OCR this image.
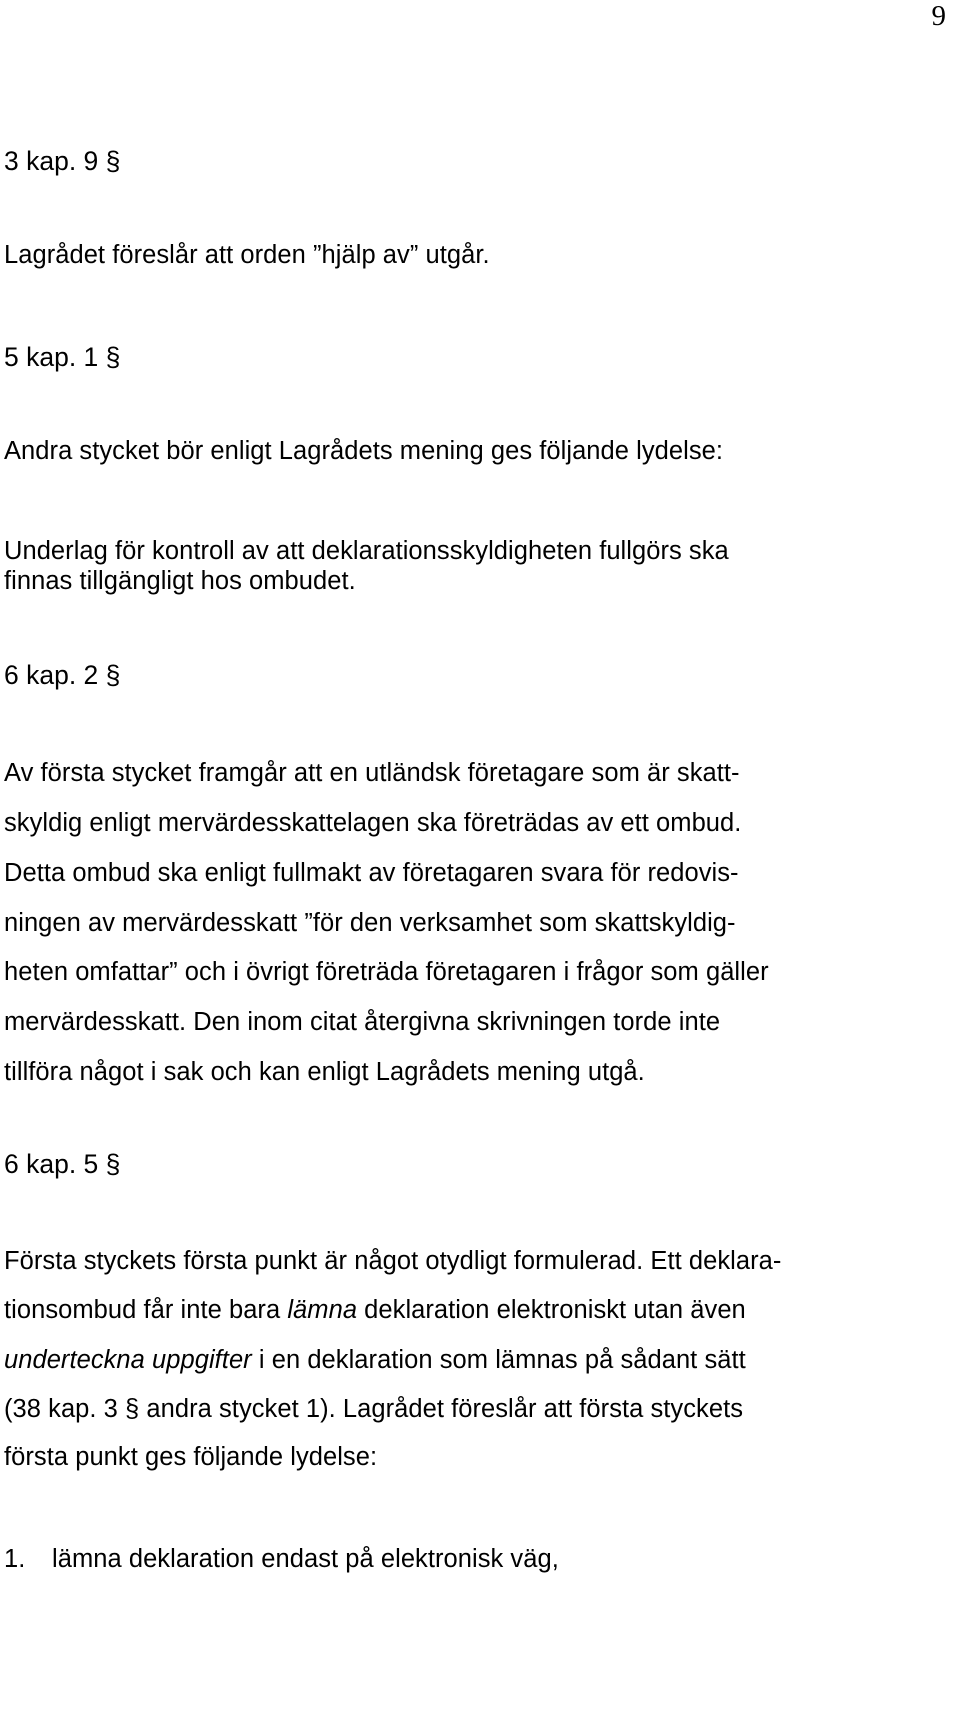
9
3 kap. 9 §
Lagrådet föreslår att orden ”hjälp av” utgår.
5 kap. 1 §
Andra stycket bör enligt Lagrådets mening ges följande lydelse:
Underlag för kontroll av att deklarationsskyldigheten fullgörs ska
finnas tillgängligt hos ombudet.
6 kap. 2 §
Av första stycket framgår att en utländsk företagare som är skatt-
skyldig enligt mervärdesskattelagen ska företrädas av ett ombud.
Detta ombud ska enligt fullmakt av företagaren svara för redovis-
ningen av mervärdesskatt ”för den verksamhet som skattskyldig-
heten omfattar” och i övrigt företräda företagaren i frågor som gäller
mervärdesskatt. Den inom citat återgivna skrivningen torde inte
tillföra något i sak och kan enligt Lagrådets mening utgå.
6 kap. 5 §
Första styckets första punkt är något otydligt formulerad. Ett deklara-
tionsombud får inte bara lämna deklaration elektroniskt utan även
underteckna uppgifter i en deklaration som lämnas på sådant sätt
(38 kap. 3 § andra stycket 1). Lagrådet föreslår att första styckets
första punkt ges följande lydelse:
1. lämna deklaration endast på elektronisk väg,
